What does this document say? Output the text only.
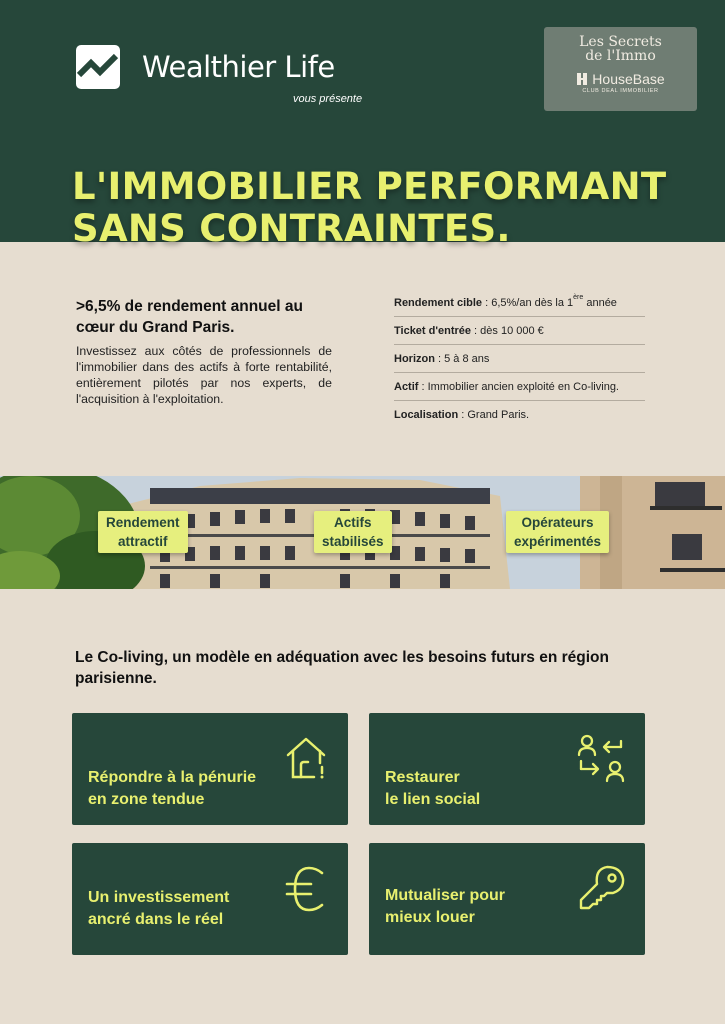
Wealthier Life
vous présente
Les Secrets
de l'Immo
HouseBase
CLUB DEAL IMMOBILIER
L'IMMOBILIER PERFORMANT
SANS CONTRAINTES.
>6,5% de rendement annuel au cœur du Grand Paris.
Investissez aux côtés de professionnels de l'immobilier dans des actifs à forte rentabilité, entièrement pilotés par nos experts, de l'acquisition à l'exploitation.
Rendement cible : 6,5%/an dès la 1ère année
Ticket d'entrée : dès 10 000 €
Horizon : 5 à 8 ans
Actif : Immobilier ancien exploité en Co-living.
Localisation : Grand Paris.
Rendement
attractif
Actifs
stabilisés
Opérateurs
expérimentés
Le Co-living, un modèle en adéquation avec les besoins futurs en région parisienne.
Répondre à la pénurie
en zone tendue
Restaurer
le lien social
Un investissement
ancré dans le réel
Mutualiser pour
mieux louer
